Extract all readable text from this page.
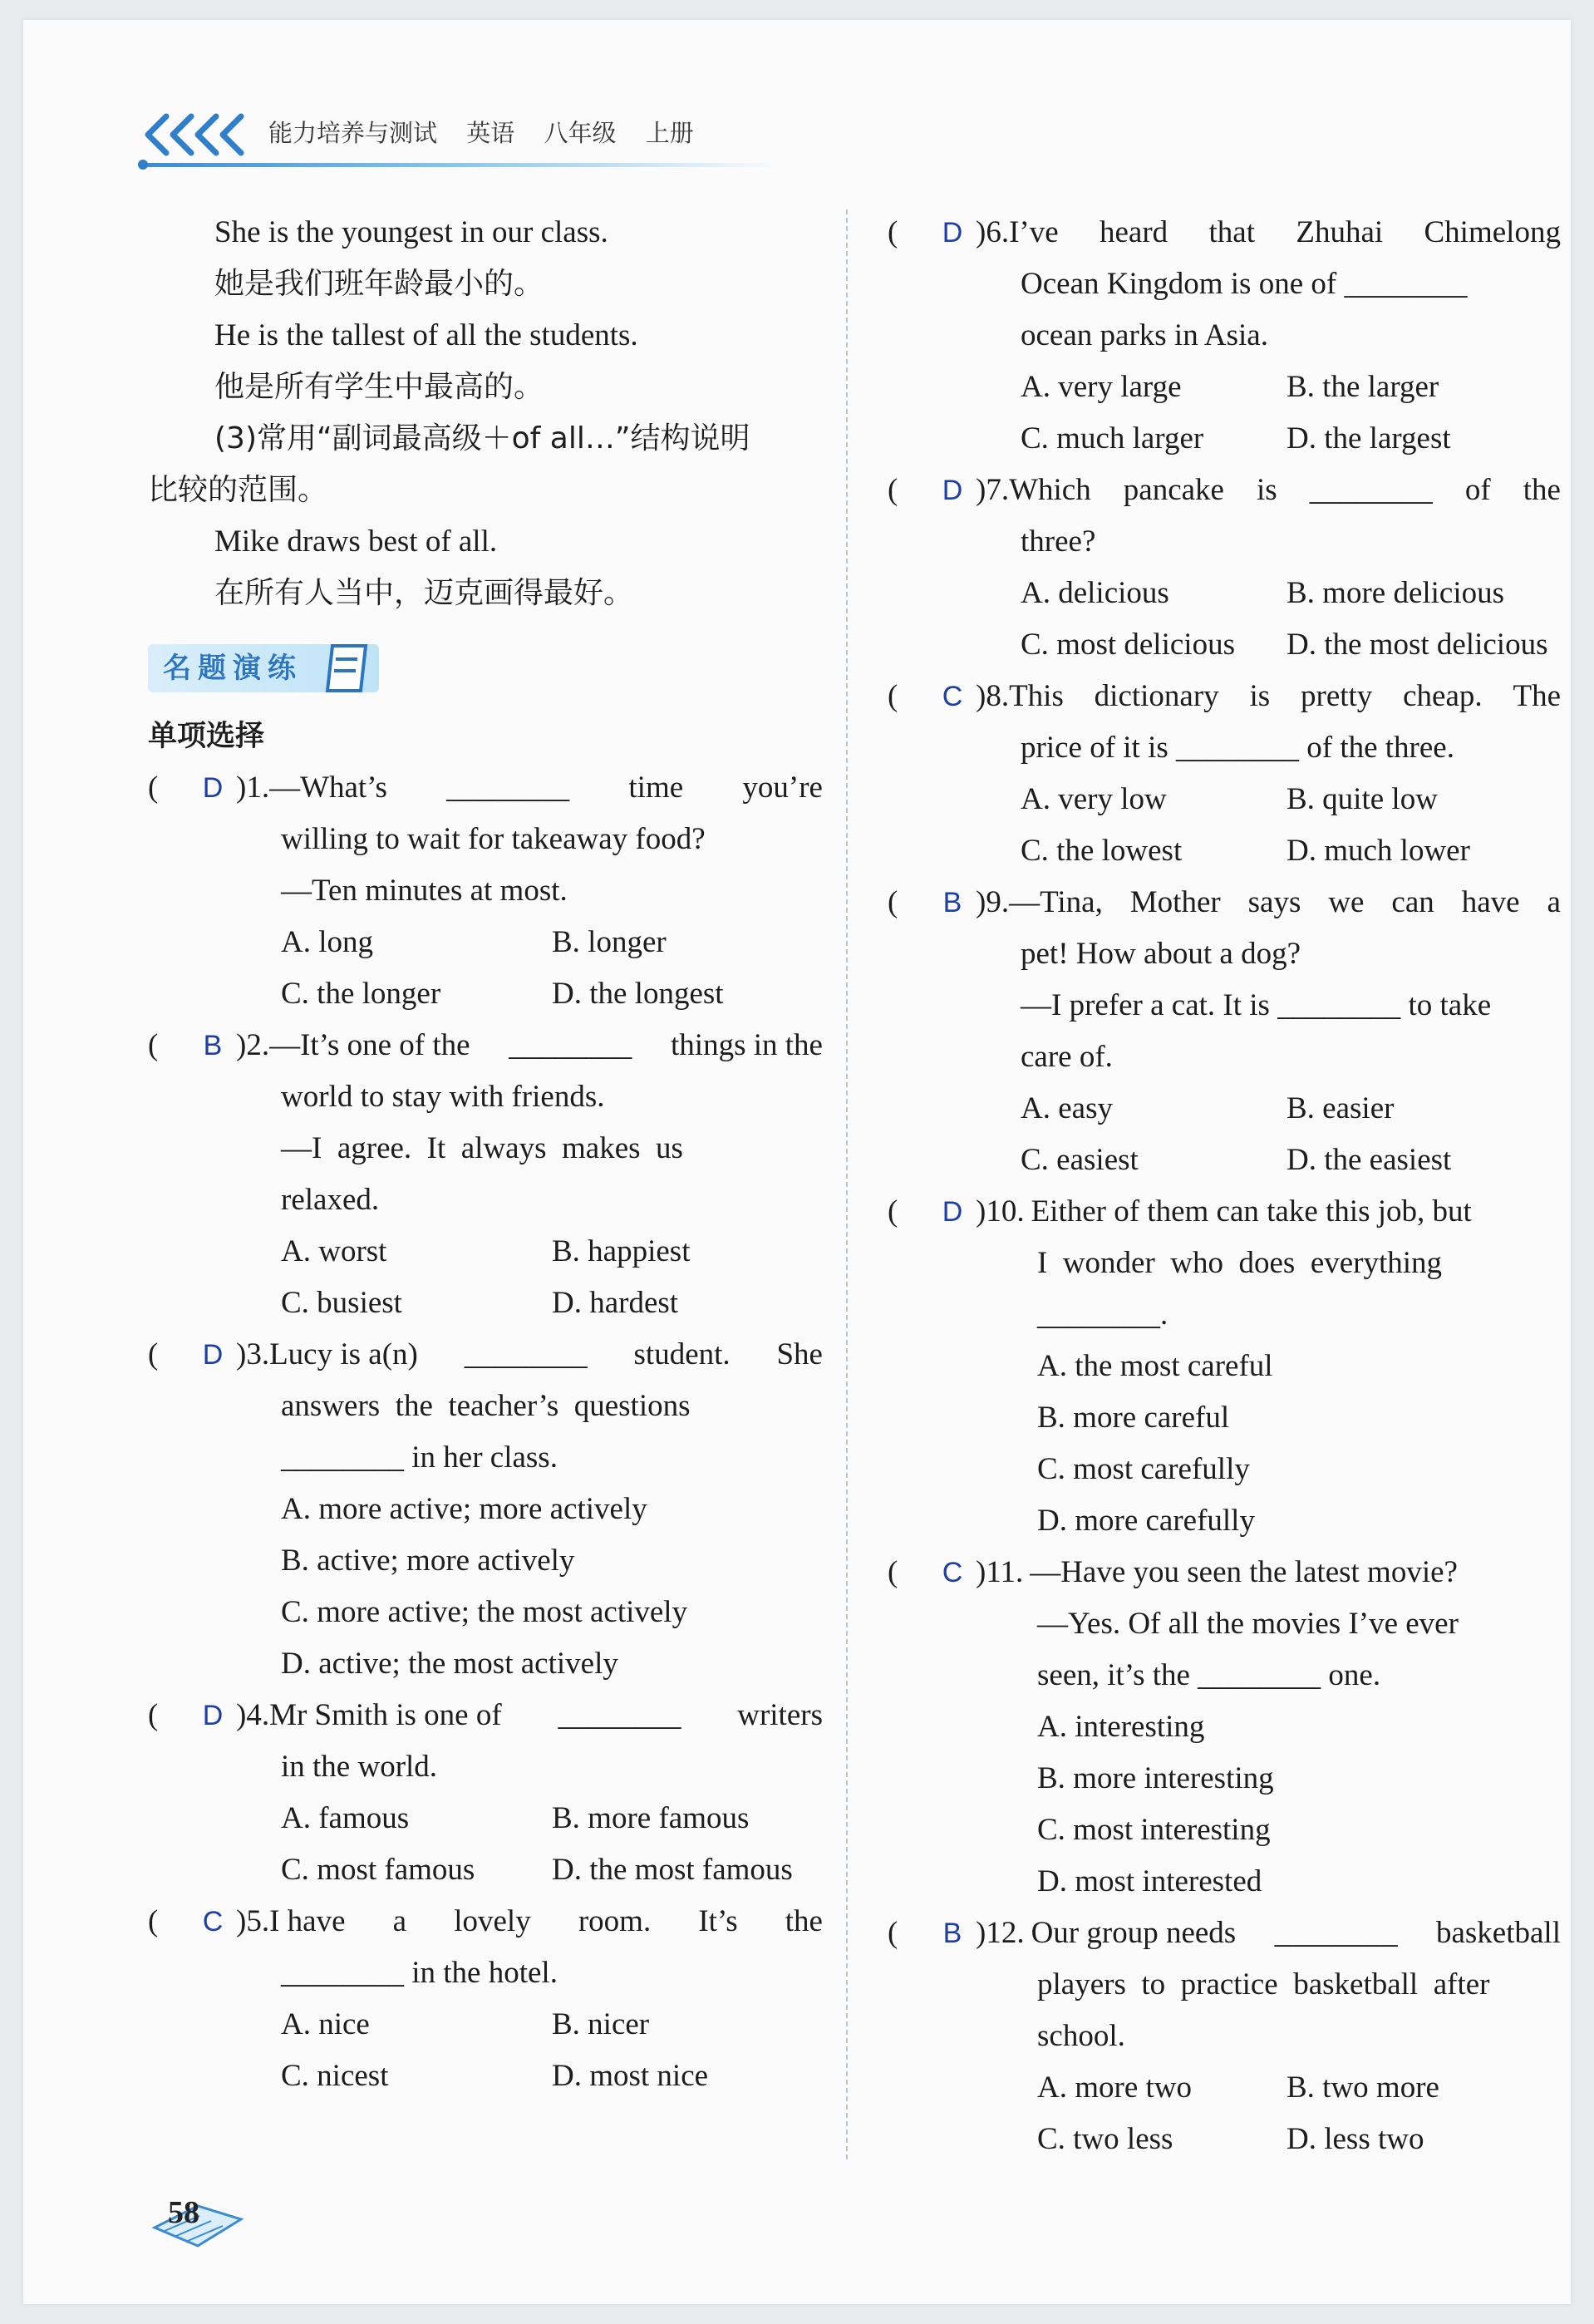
能力培养与测试 英语 八年级 上册
She is the youngest in our class.
她是我们班年龄最小的。
He is the tallest of all the students.
他是所有学生中最高的。
(3)常用“副词最高级＋of all…”结构说明
比较的范围。
Mike draws best of all.
在所有人当中，迈克画得最好。
名题演练
单项选择
(	D )1. —What’s ________ time you’re
willing to wait for takeaway food?
—Ten minutes at most.
A. long	B. longer
C. the longer	D. the longest
(	B )2. —It’s one of the ________ things in the
world to stay with friends.
—I  agree.  It  always  makes  us
relaxed.
A. worst	B. happiest
C. busiest	D. hardest
(	D )3. Lucy is a(n) ________ student. She
answers  the  teacher’s  questions
________ in her class.
A. more active; more actively
B. active; more actively
C. more active; the most actively
D. active; the most actively
(	D )4. Mr Smith is one of ________ writers
in the world.
A. famous	B. more famous
C. most famous	D. the most famous
(	C )5. I have a lovely room. It’s the
________ in the hotel.
A. nice	B. nicer
C. nicest	D. most nice
(	D )6. I’ve heard that Zhuhai Chimelong
Ocean Kingdom is one of ________
ocean parks in Asia.
A. very large	B. the larger
C. much larger	D. the largest
(	D )7. Which pancake is ________ of the
three?
A. delicious	B. more delicious
C. most delicious	D. the most delicious
(	C )8. This dictionary is pretty cheap. The
price of it is ________ of the three.
A. very low	B. quite low
C. the lowest	D. much lower
(	B )9. —Tina, Mother says we can have a
pet! How about a dog?
—I prefer a cat. It is ________ to take
care of.
A. easy	B. easier
C. easiest	D. the easiest
(	D )10. Either of them can take this job, but
I  wonder  who  does  everything
________.
A. the most careful
B. more careful
C. most carefully
D. more carefully
(	C )11. —Have you seen the latest movie?
—Yes. Of all the movies I’ve ever
seen, it’s the ________ one.
A. interesting
B. more interesting
C. most interesting
D. most interested
(	B )12. Our group needs ________ basketball
players  to  practice  basketball  after
school.
A. more two	B. two more
C. two less	D. less two
58
